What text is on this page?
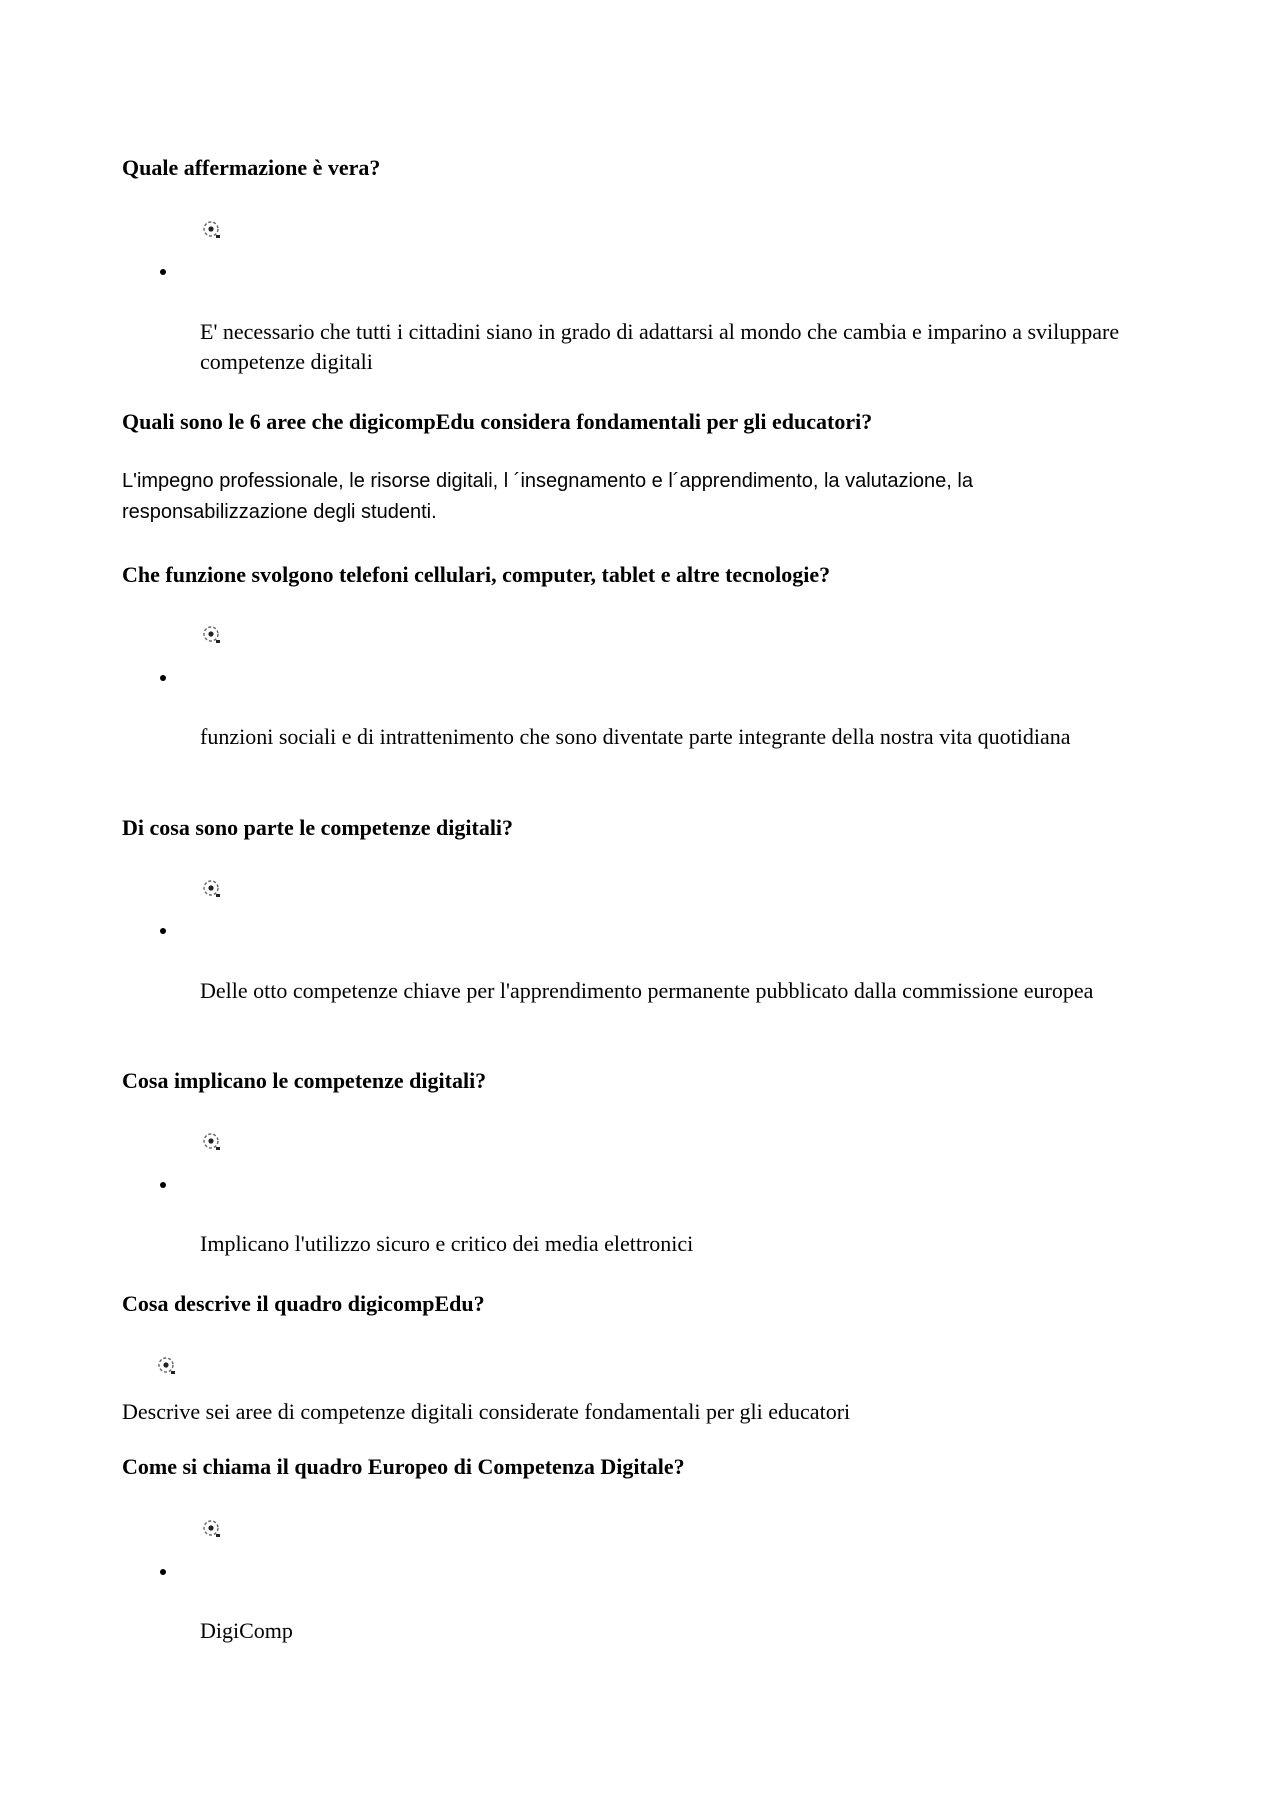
Quale affermazione è vera?

E' necessario che tutti i cittadini siano in grado di adattarsi al mondo che cambia e imparino a sviluppare competenze digitali

Quali sono le 6 aree che digicompEdu considera fondamentali per gli educatori?

L'impegno professionale, le risorse digitali, l ´insegnamento e l´apprendimento, la valutazione, la responsabilizzazione degli studenti.

Che funzione svolgono telefoni cellulari, computer, tablet e altre tecnologie?

funzioni sociali e di intrattenimento che sono diventate parte integrante della nostra vita quotidiana

Di cosa sono parte le competenze digitali?

Delle otto competenze chiave per l'apprendimento permanente pubblicato dalla commissione europea

Cosa implicano le competenze digitali?

Implicano l'utilizzo sicuro e critico dei media elettronici

Cosa descrive il quadro digicompEdu?

Descrive sei aree di competenze digitali considerate fondamentali per gli educatori

Come si chiama il quadro Europeo di Competenza Digitale?

DigiComp
